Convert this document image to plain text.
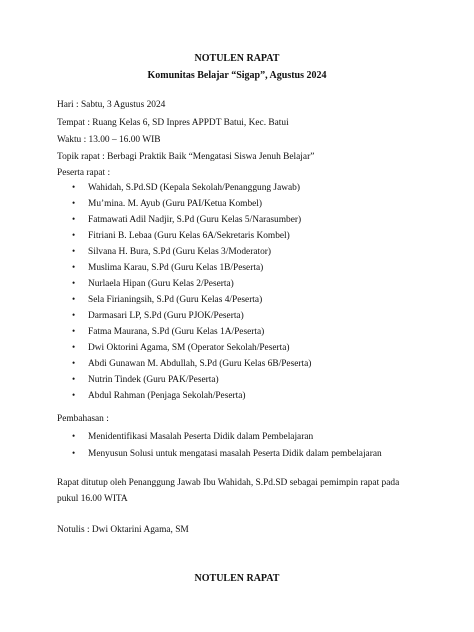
NOTULEN RAPAT
Komunitas Belajar “Sigap”, Agustus 2024
Hari : Sabtu, 3 Agustus 2024
Tempat : Ruang Kelas 6, SD Inpres APPDT Batui, Kec. Batui
Waktu : 13.00 – 16.00 WIB
Topik rapat : Berbagi Praktik Baik “Mengatasi Siswa Jenuh Belajar”
Peserta rapat :
• Wahidah, S.Pd.SD (Kepala Sekolah/Penanggung Jawab)
• Mu’mina. M. Ayub (Guru PAI/Ketua Kombel)
• Fatmawati Adil Nadjir, S.Pd (Guru Kelas 5/Narasumber)
• Fitriani B. Lebaa (Guru Kelas 6A/Sekretaris Kombel)
• Silvana H. Bura, S.Pd (Guru Kelas 3/Moderator)
• Muslima Karau, S.Pd (Guru Kelas 1B/Peserta)
• Nurlaela Hipan (Guru Kelas 2/Peserta)
• Sela Firianingsih, S.Pd (Guru Kelas 4/Peserta)
• Darmasari LP, S.Pd (Guru PJOK/Peserta)
• Fatma Maurana, S.Pd (Guru Kelas 1A/Peserta)
• Dwi Oktorini Agama, SM (Operator Sekolah/Peserta)
• Abdi Gunawan M. Abdullah, S.Pd (Guru Kelas 6B/Peserta)
• Nutrin Tindek (Guru PAK/Peserta)
• Abdul Rahman (Penjaga Sekolah/Peserta)
Pembahasan :
• Menidentifikasi Masalah Peserta Didik dalam Pembelajaran
• Menyusun Solusi untuk mengatasi masalah Peserta Didik dalam pembelajaran
Rapat ditutup oleh Penanggung Jawab Ibu Wahidah, S.Pd.SD sebagai pemimpin rapat pada
pukul 16.00 WITA
Notulis : Dwi Oktarini Agama, SM
NOTULEN RAPAT
